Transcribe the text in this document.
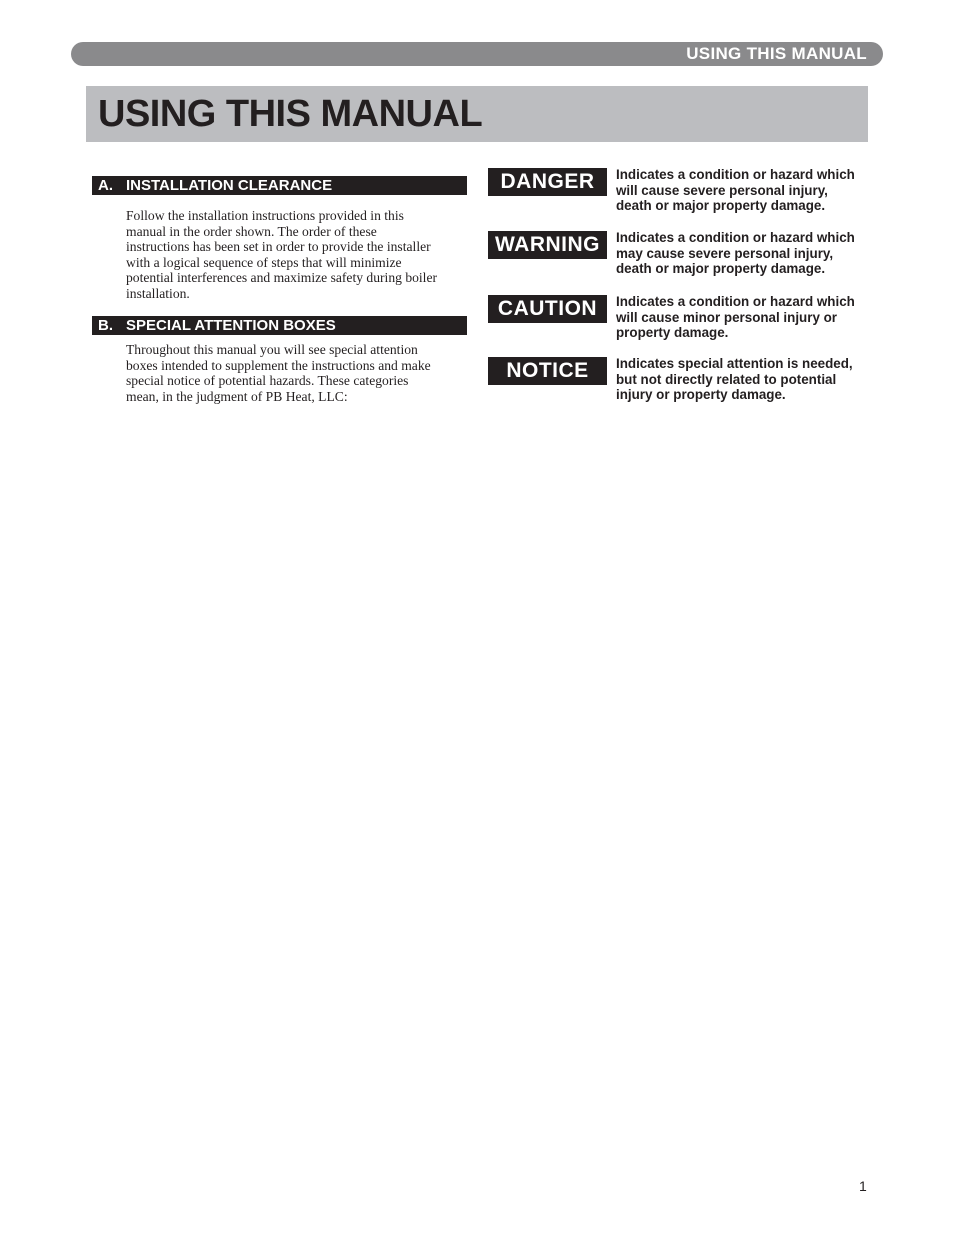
USING THIS MANUAL
USING THIS MANUAL
A. INSTALLATION CLEARANCE

Follow the installation instructions provided in this
manual in the order shown. The order of these
instructions has been set in order to provide the installer
with a logical sequence of steps that will minimize
potential interferences and maximize safety during boiler
installation.

B. SPECIAL ATTENTION BOXES

Throughout this manual you will see special attention
boxes intended to supplement the instructions and make
special notice of potential hazards. These categories
mean, in the judgment of PB Heat, LLC:

DANGER	Indicates a condition or hazard which
will cause severe personal injury,
death or major property damage.

WARNING	Indicates a condition or hazard which
may cause severe personal injury,
death or major property damage.

CAUTION	Indicates a condition or hazard which
will cause minor personal injury or
property damage.

NOTICE	Indicates special attention is needed,
but not directly related to potential
injury or property damage.

1
